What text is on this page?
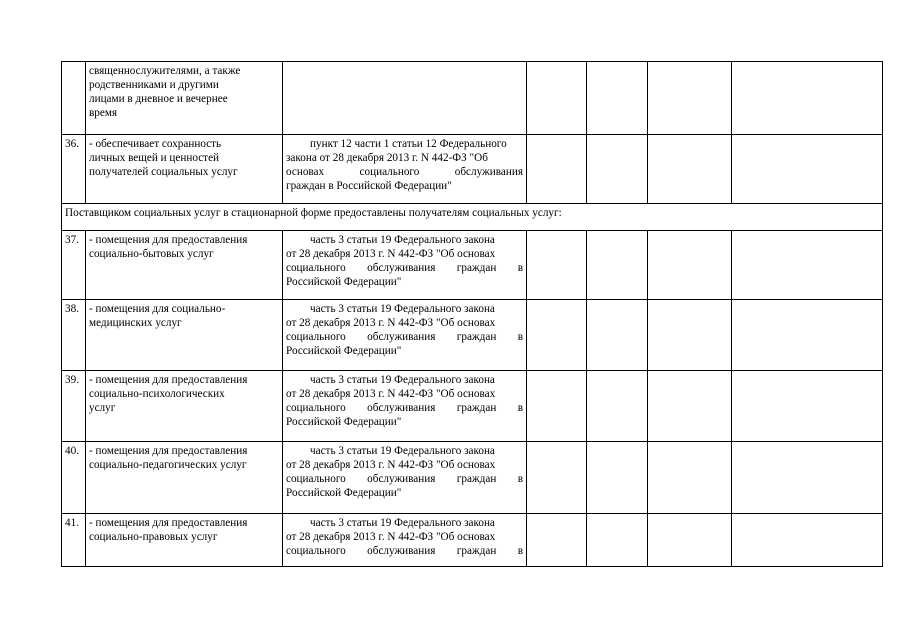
	священнослужителями, а также
родственниками и другими
лицами в дневное и вечернее
время					

36.	- обеспечивает сохранность
личных вещей и ценностей
получателей социальных услуг	пункт 12 части 1 статьи 12 Федерального
закона от 28 декабря 2013 г. N 442-ФЗ "Об
основах социального обслуживания
граждан в Российской Федерации"				

Поставщиком социальных услуг в стационарной форме предоставлены получателям социальных услуг:						
37.	- помещения для предоставления
социально-бытовых услуг	часть 3 статьи 19 Федерального закона
от 28 декабря 2013 г. N 442-ФЗ "Об основах
социального обслуживания граждан в
Российской Федерации"				

38.	- помещения для социально-
медицинских услуг	часть 3 статьи 19 Федерального закона
от 28 декабря 2013 г. N 442-ФЗ "Об основах
социального обслуживания граждан в
Российской Федерации"				

39.	- помещения для предоставления
социально-психологических
услуг	часть 3 статьи 19 Федерального закона
от 28 декабря 2013 г. N 442-ФЗ "Об основах
социального обслуживания граждан в
Российской Федерации"				

40.	- помещения для предоставления
социально-педагогических услуг	часть 3 статьи 19 Федерального закона
от 28 декабря 2013 г. N 442-ФЗ "Об основах
социального обслуживания граждан в
Российской Федерации"				

41.	- помещения для предоставления
социально-правовых услуг	часть 3 статьи 19 Федерального закона
от 28 декабря 2013 г. N 442-ФЗ "Об основах
социального обслуживания граждан в				
